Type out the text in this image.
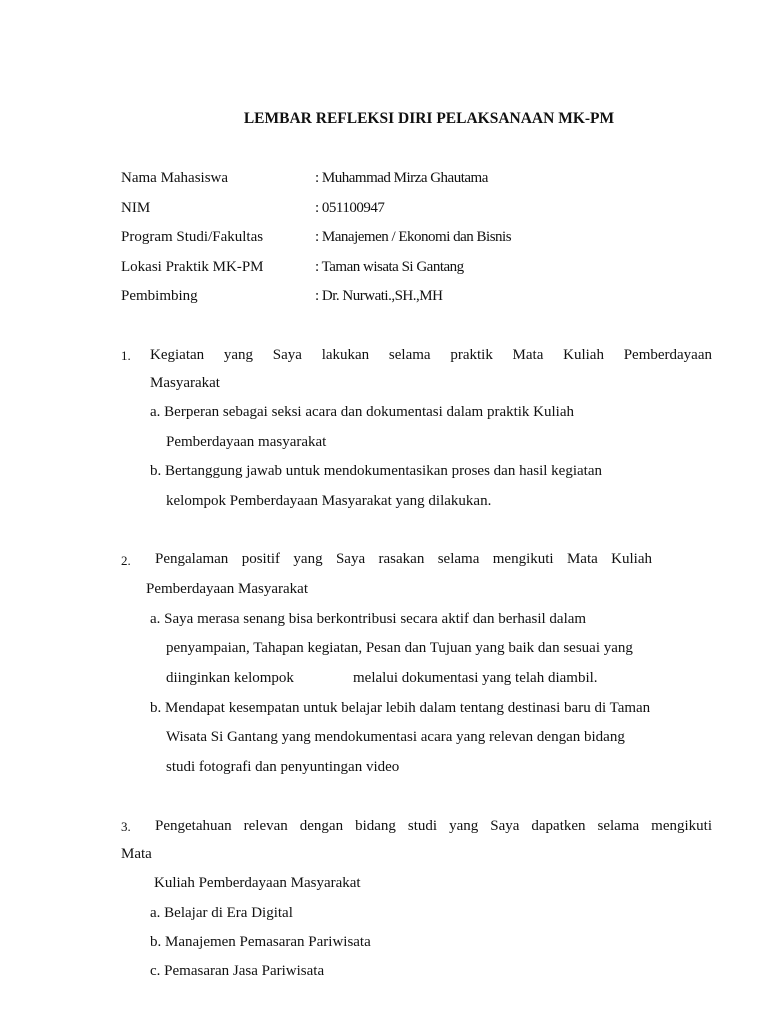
LEMBAR REFLEKSI DIRI PELAKSANAAN MK-PM
Nama Mahasiswa	: Muhammad Mirza Ghautama
NIM	: 051100947
Program Studi/Fakultas	: Manajemen / Ekonomi dan Bisnis
Lokasi Praktik MK-PM	: Taman wisata Si Gantang
Pembimbing	: Dr. Nurwati.,SH.,MH
1. Kegiatan yang Saya lakukan selama praktik Mata Kuliah Pemberdayaan
Masyarakat
a. Berperan sebagai seksi acara dan dokumentasi dalam praktik Kuliah
Pemberdayaan masyarakat
b. Bertanggung jawab untuk mendokumentasikan proses dan hasil kegiatan
kelompok Pemberdayaan Masyarakat yang dilakukan.
2. Pengalaman positif yang Saya rasakan selama mengikuti Mata Kuliah
Pemberdayaan Masyarakat
a. Saya merasa senang bisa berkontribusi secara aktif dan berhasil dalam
penyampaian, Tahapan kegiatan, Pesan dan Tujuan yang baik dan sesuai yang
diinginkan kelompok	melalui dokumentasi yang telah diambil.
b. Mendapat kesempatan untuk belajar lebih dalam tentang destinasi baru di Taman
Wisata Si Gantang yang mendokumentasi acara yang relevan dengan bidang
studi fotografi dan penyuntingan video
3. Pengetahuan relevan dengan bidang studi yang Saya dapatken selama mengikuti
Mata
Kuliah Pemberdayaan Masyarakat
a. Belajar di Era Digital
b. Manajemen Pemasaran Pariwisata
c. Pemasaran Jasa Pariwisata
